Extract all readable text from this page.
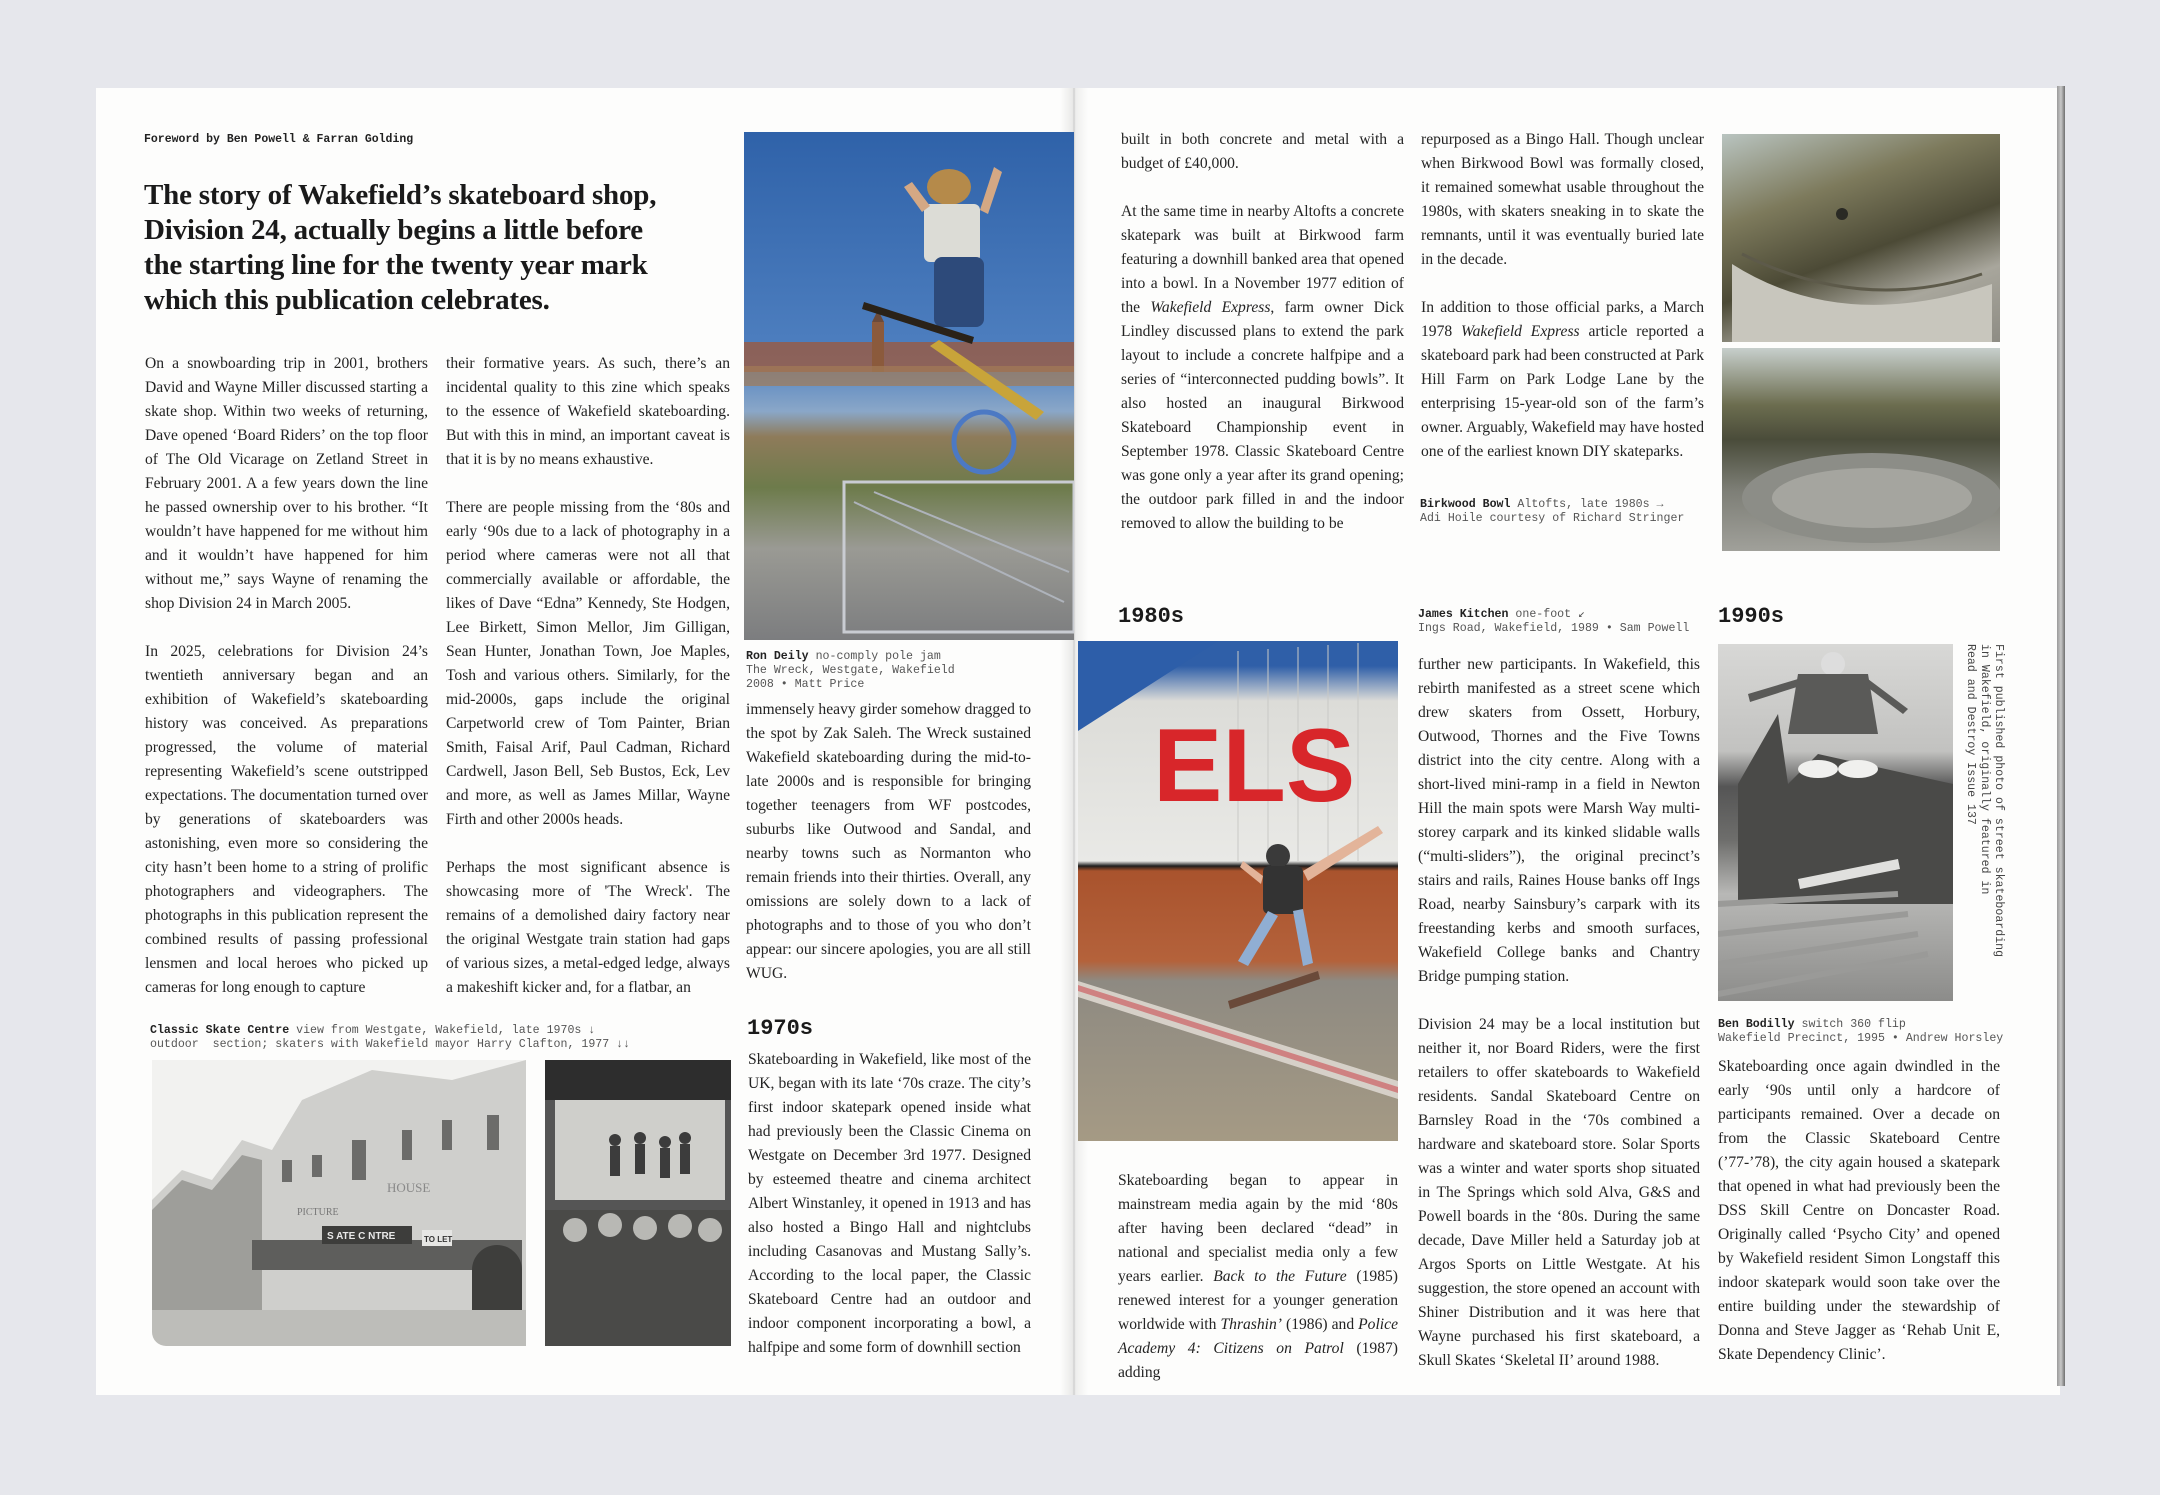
Foreword by Ben Powell & Farran Golding
The story of Wakefield’s skateboard shop, Division 24, actually begins a little before the starting line for the twenty year mark which this publication celebrates.

On a snowboarding trip in 2001, brothers David and Wayne Miller discussed starting a skate shop. Within two weeks of returning, Dave opened ‘Board Riders’ on the top floor of The Old Vicarage on Zetland Street in February 2001. A a few years down the line he passed ownership over to his brother. “It wouldn’t have happened for me without him and it wouldn’t have happened for him without me,” says Wayne of renaming the shop Division 24 in March 2005.

In 2025, celebrations for Division 24’s twentieth anniversary began and an exhibition of Wakefield’s skateboarding history was conceived. As preparations progressed, the volume of material representing Wakefield’s scene outstripped expectations. The documentation turned over by generations of skateboarders was astonishing, even more so considering the city hasn’t been home to a string of prolific photographers and videographers. The photographs in this publication represent the combined results of passing professional lensmen and local heroes who picked up cameras for long enough to capture

their formative years. As such, there’s an incidental quality to this zine which speaks to the essence of Wakefield skateboarding. But with this in mind, an important caveat is that it is by no means exhaustive.

There are people missing from the ‘80s and early ‘90s due to a lack of photography in a period where cameras were not all that commercially available or affordable, the likes of Dave “Edna” Kennedy, Ste Hodgen, Lee Birkett, Simon Mellor, Jim Gilligan, Sean Hunter, Jonathan Town, Joe Maples, Tosh and various others. Similarly, for the mid-2000s, gaps include the original Carpetworld crew of Tom Painter, Brian Smith, Faisal Arif, Paul Cadman, Richard Cardwell, Jason Bell, Seb Bustos, Eck, Lev and more, as well as James Millar, Wayne Firth and other 2000s heads.

Perhaps the most significant absence is showcasing more of 'The Wreck'. The remains of a demolished dairy factory near the original Westgate train station had gaps of various sizes, a metal-edged ledge, always a makeshift kicker and, for a flatbar, an

Ron Deily no-comply pole jam
The Wreck, Westgate, Wakefield
2008 • Matt Price

immensely heavy girder somehow dragged to the spot by Zak Saleh. The Wreck sustained Wakefield skateboarding during the mid-to-late 2000s and is responsible for bringing together teenagers from WF postcodes, suburbs like Outwood and Sandal, and nearby towns such as Normanton who remain friends into their thirties. Overall, any omissions are solely down to a lack of photographs and to those of you who don’t appear: our sincere apologies, you are all still WUG.

Classic Skate Centre view from Westgate, Wakefield, late 1970s ↓
outdoor  section; skaters with Wakefield mayor Harry Clafton, 1977 ↓↓
S ATE C NTRE	TO LET
PICTURE
HOUSE
1970s

Skateboarding in Wakefield, like most of the UK, began with its late ‘70s craze. The city’s first indoor skatepark opened inside what had previously been the Classic Cinema on Westgate on December 3rd 1977. Designed by esteemed theatre and cinema architect Albert Winstanley, it opened in 1913 and has also hosted a Bingo Hall and nightclubs including Casanovas and Mustang Sally’s. According to the local paper, the Classic Skateboard Centre had an outdoor and indoor component incorporating a bowl, a halfpipe and some form of downhill section

built in both concrete and metal with a budget of £40,000.

At the same time in nearby Altofts a concrete skatepark was built at Birkwood farm featuring a downhill banked area that opened into a bowl. In a November 1977 edition of the Wakefield Express, farm owner Dick Lindley discussed plans to extend the park layout to include a concrete halfpipe and a series of “interconnected pudding bowls”. It also hosted an inaugural Birkwood Skateboard Championship event in September 1978. Classic Skateboard Centre was gone only a year after its grand opening; the outdoor park filled in and the indoor removed to allow the building to be

repurposed as a Bingo Hall. Though unclear when Birkwood Bowl was formally closed, it remained somewhat usable throughout the 1980s, with skaters sneaking in to skate the remnants, until it was eventually buried late in the decade.

In addition to those official parks, a March 1978 Wakefield Express article reported a skateboard park had been constructed at Park Hill Farm on Park Lodge Lane by the enterprising 15-year-old son of the farm’s owner. Arguably, Wakefield may have hosted one of the earliest known DIY skateparks.

Birkwood Bowl Altofts, late 1980s →
Adi Hoile courtesy of Richard Stringer
1980s
ELS
James Kitchen one-foot ↙
Ings Road, Wakefield, 1989 • Sam Powell

Skateboarding began to appear in mainstream media again by the mid ‘80s after having been declared “dead” in national and specialist media only a few years earlier. Back to the Future (1985) renewed interest for a younger generation worldwide with Thrashin’ (1986) and Police Academy 4: Citizens on Patrol (1987) adding

further new participants. In Wakefield, this rebirth manifested as a street scene which drew skaters from Ossett, Horbury, Outwood, Thornes and the Five Towns district into the city centre. Along with a short-lived mini-ramp in a field in Newton Hill the main spots were Marsh Way multi-storey carpark and its kinked slidable walls (“multi-sliders”), the original precinct’s stairs and rails, Raines House banks off Ings Road, nearby Sainsbury’s carpark with its freestanding kerbs and smooth surfaces, Wakefield College banks and Chantry Bridge pumping station.

Division 24 may be a local institution but neither it, nor Board Riders, were the first retailers to offer skateboards to Wakefield residents. Sandal Skateboard Centre on Barnsley Road in the ‘70s combined a hardware and skateboard store. Solar Sports was a winter and water sports shop situated in The Springs which sold Alva, G&S and Powell boards in the ‘80s. During the same decade, Dave Miller held a Saturday job at Argos Sports on Little Westgate. At his suggestion, the store opened an account with Shiner Distribution and it was here that Wayne purchased his first skateboard, a Skull Skates ‘Skeletal II’ around 1988.

1990s
First published photo of street skateboarding
in Wakefield, originally featured in
Read and Destroy Issue 137
Ben Bodilly switch 360 flip
Wakefield Precinct, 1995 • Andrew Horsley

Skateboarding once again dwindled in the early ‘90s until only a hardcore of participants remained. Over a decade on from the Classic Skateboard Centre (’77-’78), the city again housed a skatepark that opened in what had previously been the DSS Skill Centre on Doncaster Road. Originally called ‘Psycho City’ and opened by Wakefield resident Simon Longstaff this indoor skatepark would soon take over the entire building under the stewardship of Donna and Steve Jagger as ‘Rehab Unit E, Skate Dependency Clinic’.
